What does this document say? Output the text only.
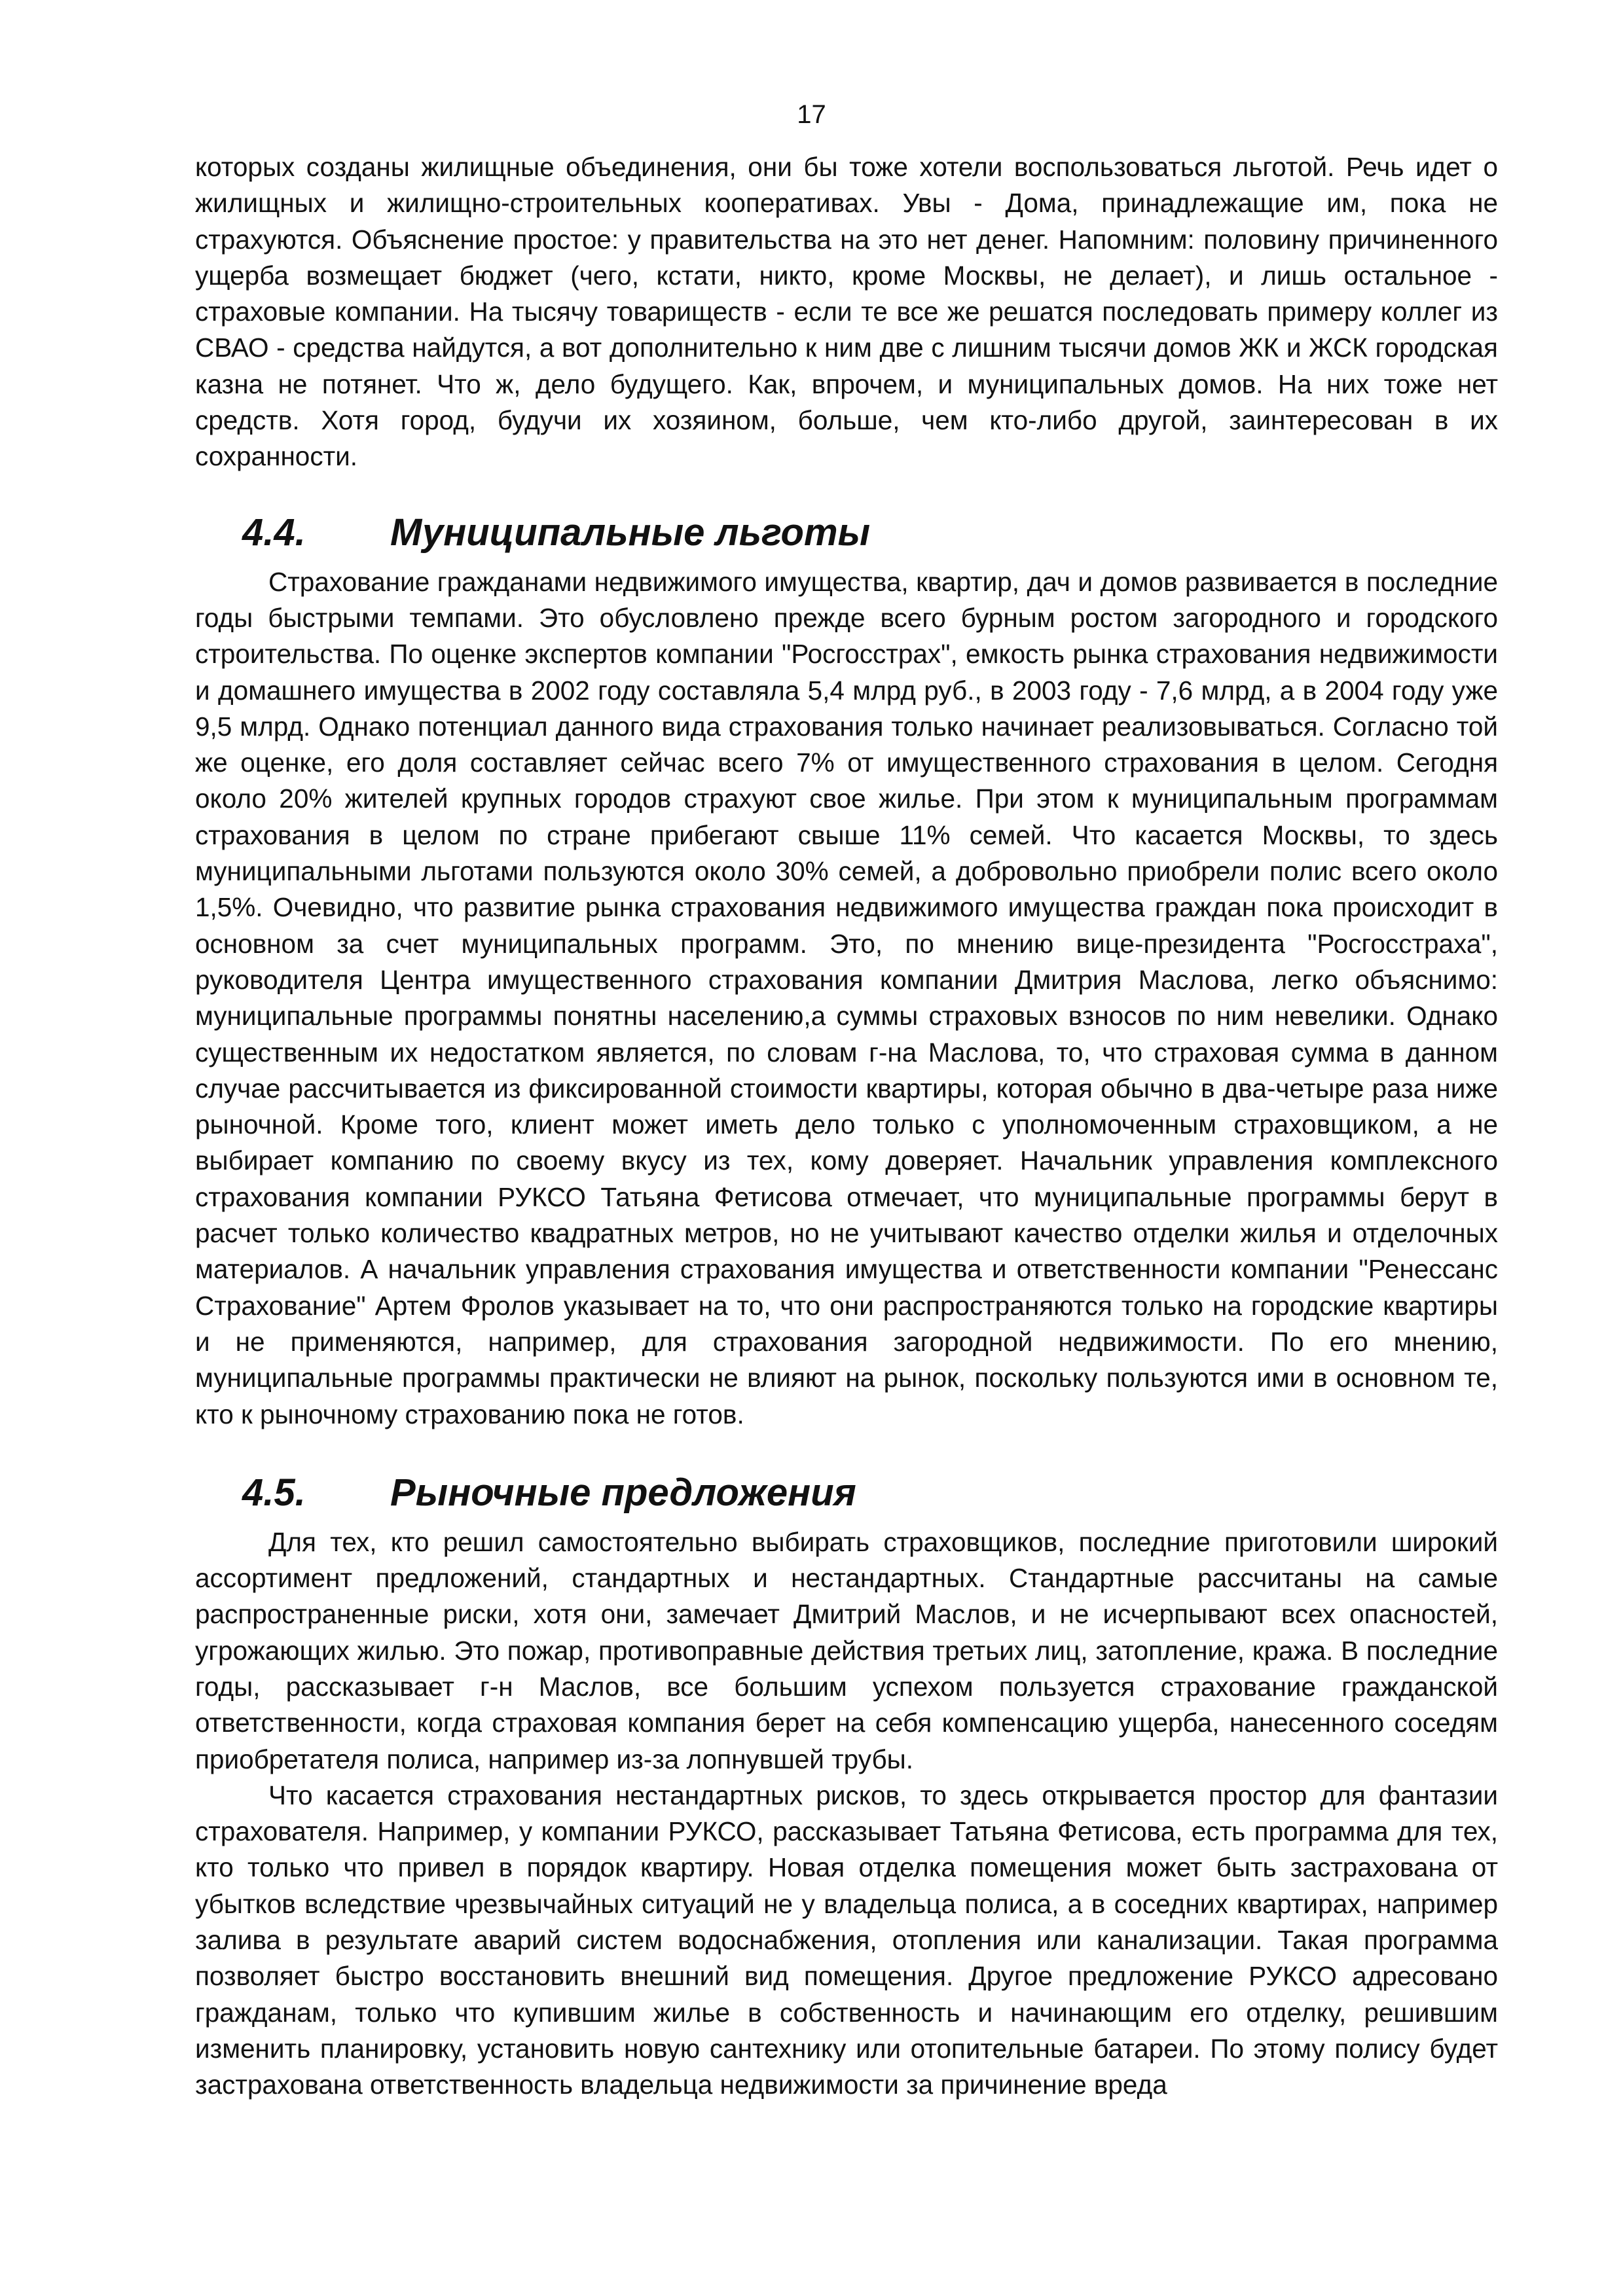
17

которых созданы жилищные объединения, они бы тоже хотели воспользоваться льготой. Речь идет о жилищных и жилищно-строительных кооперативах. Увы - Дома, принадлежащие им, пока не страхуются. Объяснение простое: у правительства на это нет денег. Напомним: половину причиненного ущерба возмещает бюджет (чего, кстати, никто, кроме Москвы, не делает), и лишь остальное - страховые компании. На тысячу товариществ - если те все же решатся последовать примеру коллег из СВАО - средства найдутся, а вот дополнительно к ним две с лишним тысячи домов ЖК и ЖСК городская казна не потянет. Что ж, дело будущего. Как, впрочем, и муниципальных домов. На них тоже нет средств. Хотя город, будучи их хозяином, больше, чем кто-либо другой, заинтересован в их сохранности.

4.4.	Муниципальные льготы

Страхование гражданами недвижимого имущества, квартир, дач и домов развивается в последние годы быстрыми темпами. Это обусловлено прежде всего бурным ростом загородного и городского строительства. По оценке экспертов компании "Росгосстрах", емкость рынка страхования недвижимости и домашнего имущества в 2002 году составляла 5,4 млрд руб., в 2003 году - 7,6 млрд, а в 2004 году уже 9,5 млрд. Однако потенциал данного вида страхования только начинает реализовываться. Согласно той же оценке, его доля составляет сейчас всего 7% от имущественного страхования в целом. Сегодня около 20% жителей крупных городов страхуют свое жилье. При этом к муниципальным программам страхования в целом по стране прибегают свыше 11% семей. Что касается Москвы, то здесь муниципальными льготами пользуются около 30% семей, а добровольно приобрели полис всего около 1,5%. Очевидно, что развитие рынка страхования недвижимого имущества граждан пока происходит в основном за счет муниципальных программ. Это, по мнению вице-президента "Росгосстраха", руководителя Центра имущественного страхования компании Дмитрия Маслова, легко объяснимо: муниципальные программы понятны населению,а суммы страховых взносов по ним невелики. Однако существенным их недостатком является, по словам г-на Маслова, то, что страховая сумма в данном случае рассчитывается из фиксированной стоимости квартиры, которая обычно в два-четыре раза ниже рыночной. Кроме того, клиент может иметь дело только с уполномоченным страховщиком, а не выбирает компанию по своему вкусу из тех, кому доверяет. Начальник управления комплексного страхования компании РУКСО Татьяна Фетисова отмечает, что муниципальные программы берут в расчет только количество квадратных метров, но не учитывают качество отделки жилья и отделочных материалов. А начальник управления страхования имущества и ответственности компании "Ренессанс Страхование" Артем Фролов указывает на то, что они распространяются только на городские квартиры и не применяются, например, для страхования загородной недвижимости. По его мнению, муниципальные программы практически не влияют на рынок, поскольку пользуются ими в основном те, кто к рыночному страхованию пока не готов.

4.5.	Рыночные предложения

Для тех, кто решил самостоятельно выбирать страховщиков, последние приготовили широкий ассортимент предложений, стандартных и нестандартных. Стандартные рассчитаны на самые распространенные риски, хотя они, замечает Дмитрий Маслов, и не исчерпывают всех опасностей, угрожающих жилью. Это пожар, противоправные действия третьих лиц, затопление, кража. В последние годы, рассказывает г-н Маслов, все большим успехом пользуется страхование гражданской ответственности, когда страховая компания берет на себя компенсацию ущерба, нанесенного соседям приобретателя полиса, например из-за лопнувшей трубы.

Что касается страхования нестандартных рисков, то здесь открывается простор для фантазии страхователя. Например, у компании РУКСО, рассказывает Татьяна Фетисова, есть программа для тех, кто только что привел в порядок квартиру. Новая отделка помещения может быть застрахована от убытков вследствие чрезвычайных ситуаций не у владельца полиса, а в соседних квартирах, например залива в результате аварий систем водоснабжения, отопления или канализации. Такая программа позволяет быстро восстановить внешний вид помещения. Другое предложение РУКСО адресовано гражданам, только что купившим жилье в собственность и начинающим его отделку, решившим изменить планировку, установить новую сантехнику или отопительные батареи. По этому полису будет застрахована ответственность владельца недвижимости за причинение вреда
